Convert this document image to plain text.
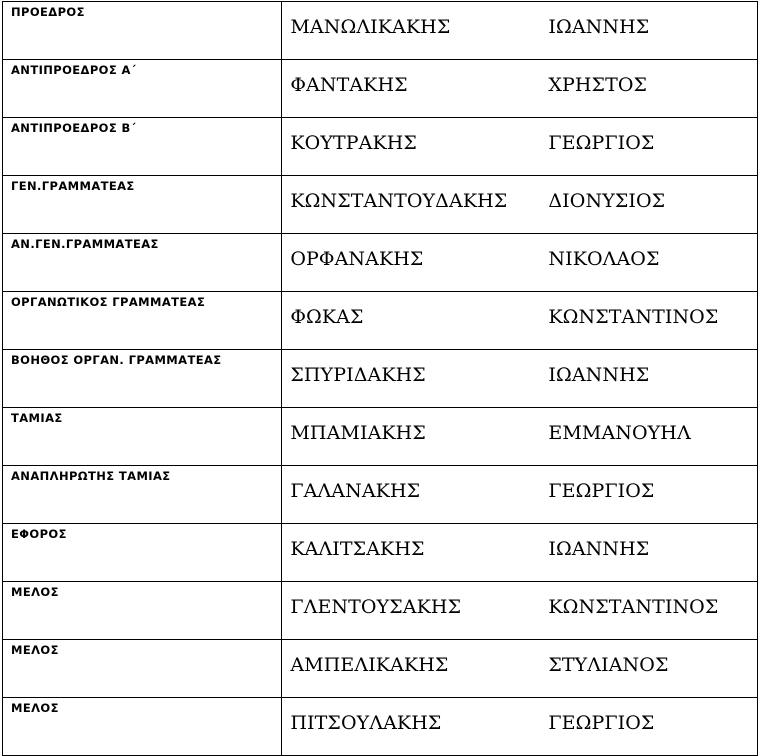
ΠΡΟΕΔΡΟΣ	ΜΑΝΩΛΙΚΑΚΗΣ ΙΩΑΝΝΗΣ

ΑΝΤΙΠΡΟΕΔΡΟΣ Α΄	ΦΑΝΤΑΚΗΣ ΧΡΗΣΤΟΣ

ΑΝΤΙΠΡΟΕΔΡΟΣ Β΄	ΚΟΥΤΡΑΚΗΣ ΓΕΩΡΓΙΟΣ

ΓΕΝ.ΓΡΑΜΜΑΤΕΑΣ	ΚΩΝΣΤΑΝΤΟΥΔΑΚΗΣ ΔΙΟΝΥΣΙΟΣ

ΑΝ.ΓΕΝ.ΓΡΑΜΜΑΤΕΑΣ	ΟΡΦΑΝΑΚΗΣ ΝΙΚΟΛΑΟΣ

ΟΡΓΑΝΩΤΙΚΟΣ ΓΡΑΜΜΑΤΕΑΣ	ΦΩΚΑΣ ΚΩΝΣΤΑΝΤΙΝΟΣ

ΒΟΗΘΟΣ ΟΡΓΑΝ. ΓΡΑΜΜΑΤΕΑΣ	ΣΠΥΡΙΔΑΚΗΣ ΙΩΑΝΝΗΣ

ΤΑΜΙΑΣ	ΜΠΑΜΙΑΚΗΣ ΕΜΜΑΝΟΥΗΛ

ΑΝΑΠΛΗΡΩΤΗΣ ΤΑΜΙΑΣ	ΓΑΛΑΝΑΚΗΣ ΓΕΩΡΓΙΟΣ

ΕΦΟΡΟΣ	ΚΑΛΙΤΣΑΚΗΣ ΙΩΑΝΝΗΣ

ΜΕΛΟΣ	ΓΛΕΝΤΟΥΣΑΚΗΣ ΚΩΝΣΤΑΝΤΙΝΟΣ

ΜΕΛΟΣ	ΑΜΠΕΛΙΚΑΚΗΣ ΣΤΥΛΙΑΝΟΣ

ΜΕΛΟΣ	ΠΙΤΣΟΥΛΑΚΗΣ ΓΕΩΡΓΙΟΣ
